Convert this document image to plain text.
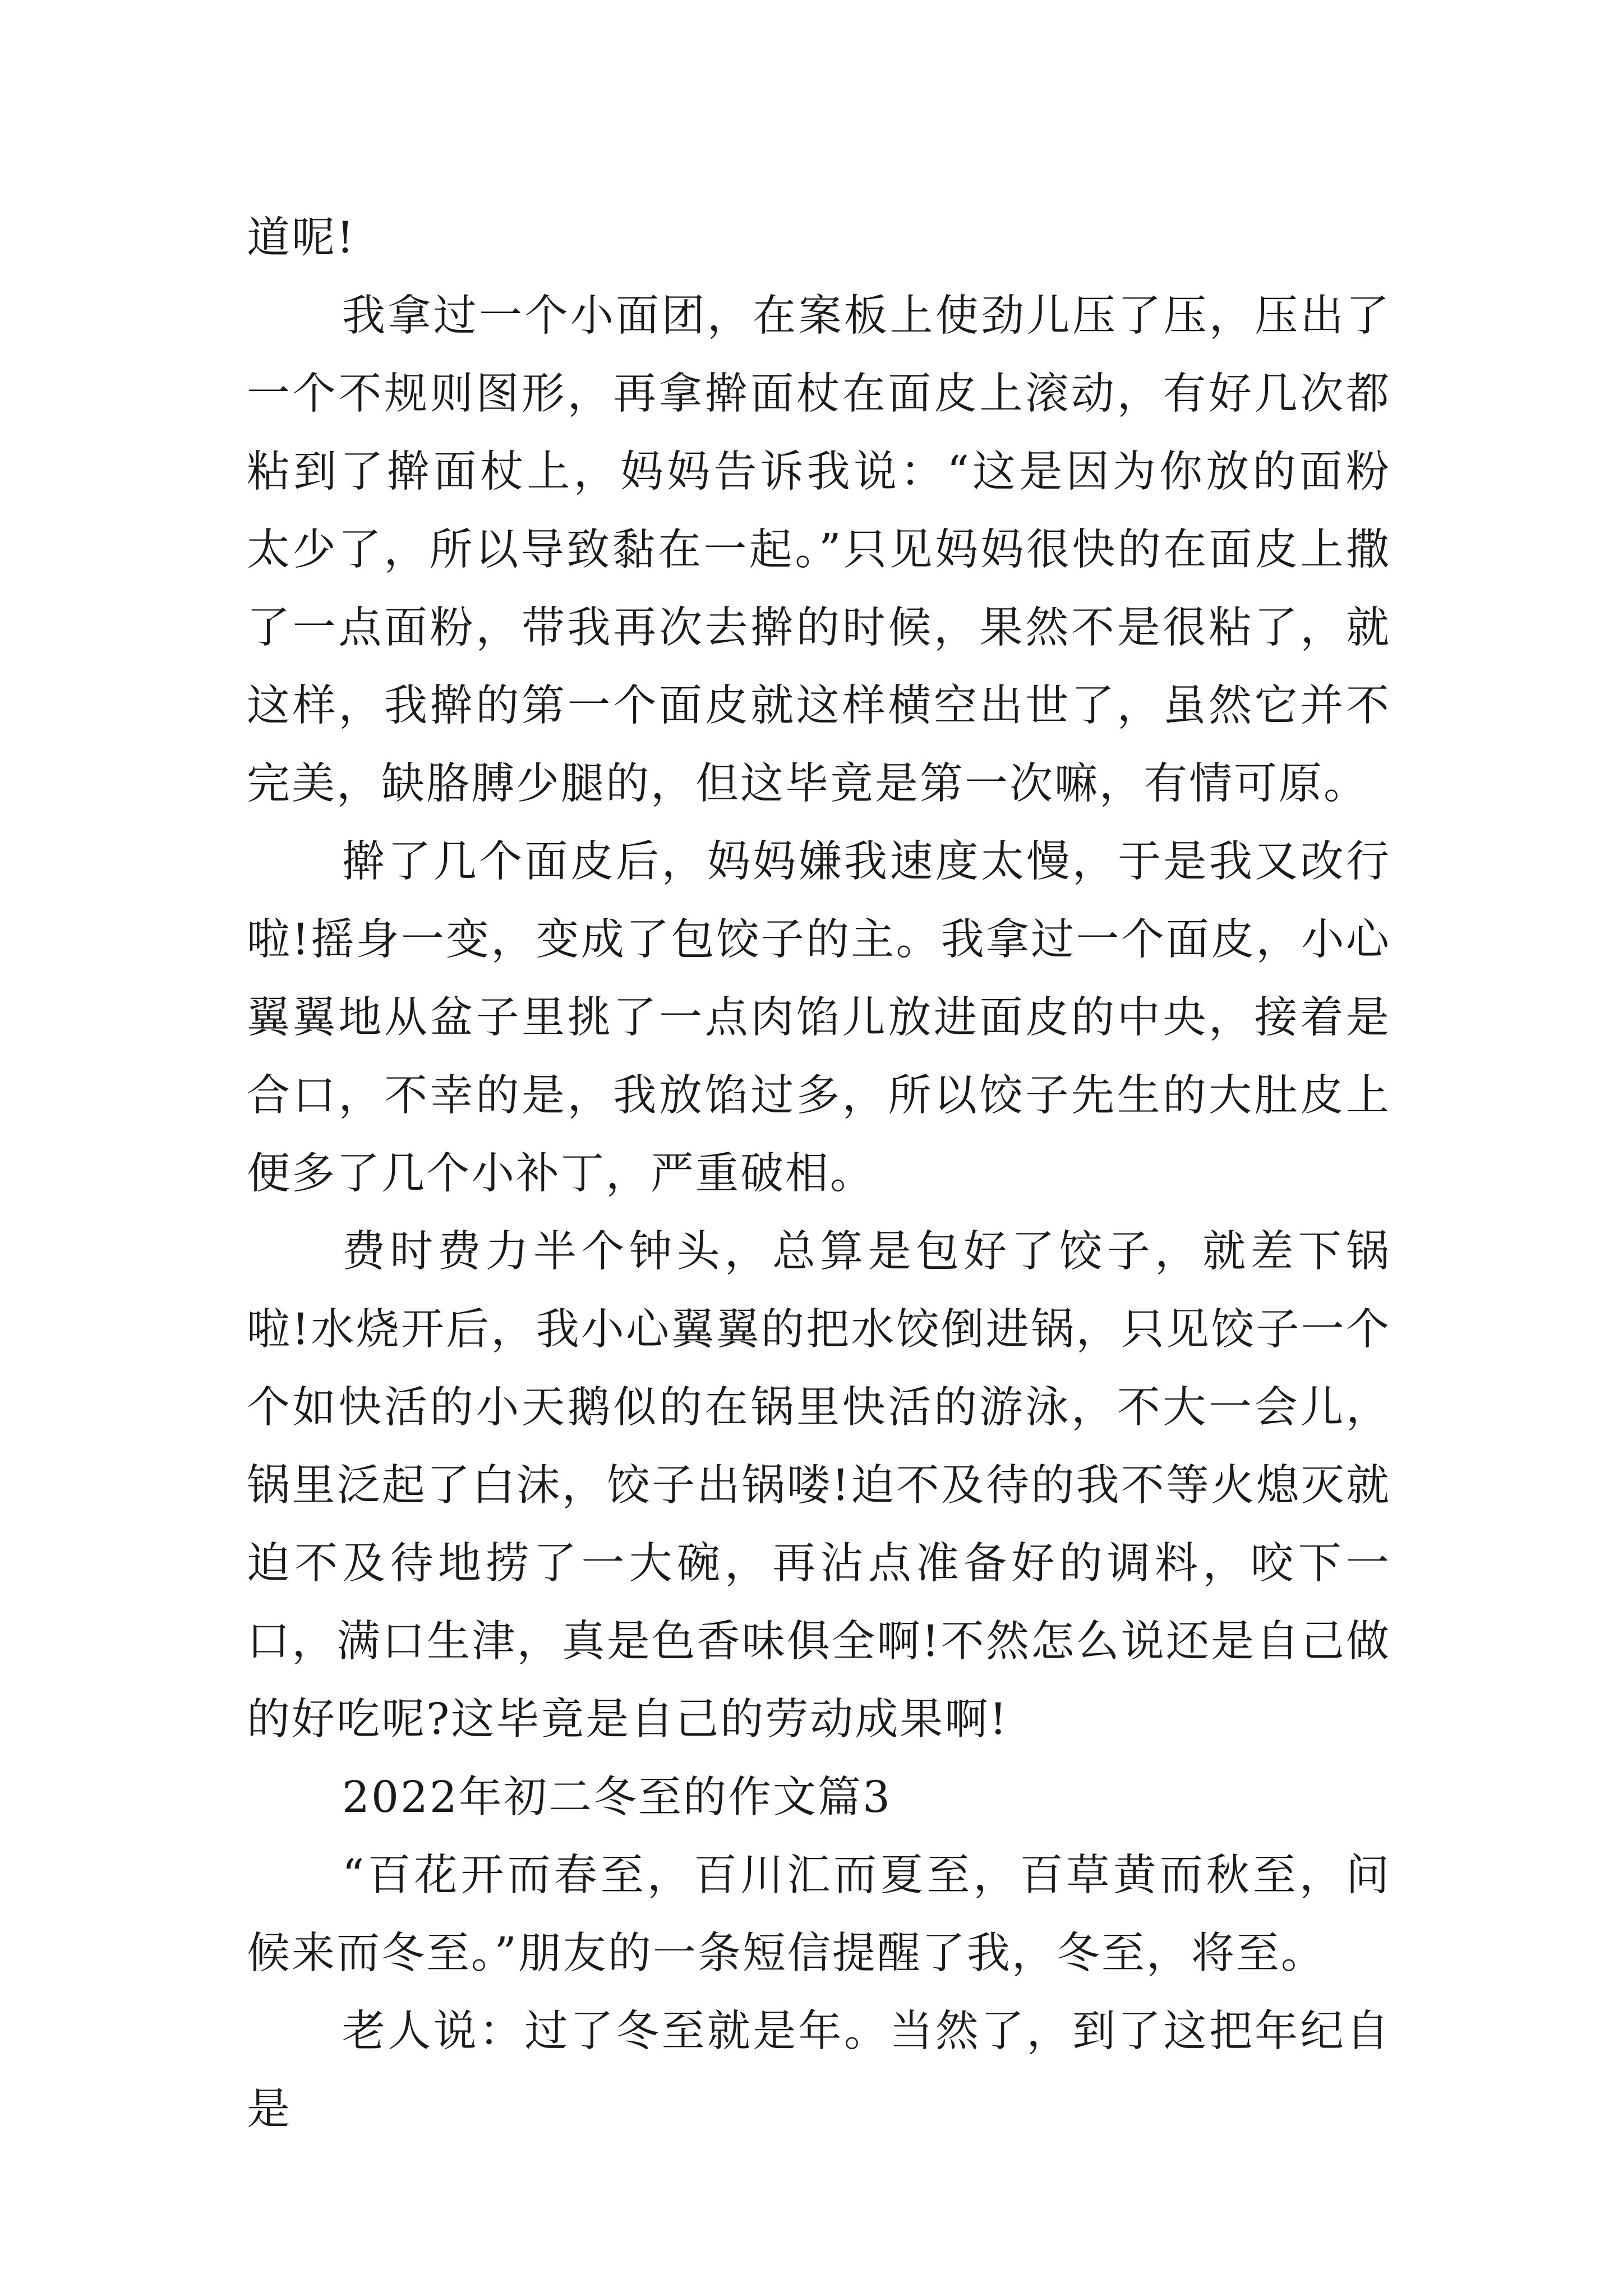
道呢!

我拿过一个小面团，在案板上使劲儿压了压，压出了一个不规则图形，再拿擀面杖在面皮上滚动，有好几次都粘到了擀面杖上，妈妈告诉我说：“这是因为你放的面粉太少了，所以导致黏在一起。”只见妈妈很快的在面皮上撒了一点面粉，带我再次去擀的时候，果然不是很粘了，就这样，我擀的第一个面皮就这样横空出世了，虽然它并不完美，缺胳膊少腿的，但这毕竟是第一次嘛，有情可原。

擀了几个面皮后，妈妈嫌我速度太慢，于是我又改行啦!摇身一变，变成了包饺子的主。我拿过一个面皮，小心翼翼地从盆子里挑了一点肉馅儿放进面皮的中央，接着是合口，不幸的是，我放馅过多，所以饺子先生的大肚皮上便多了几个小补丁，严重破相。

费时费力半个钟头，总算是包好了饺子，就差下锅啦!水烧开后，我小心翼翼的把水饺倒进锅，只见饺子一个个如快活的小天鹅似的在锅里快活的游泳，不大一会儿，锅里泛起了白沫，饺子出锅喽!迫不及待的我不等火熄灭就迫不及待地捞了一大碗，再沾点准备好的调料，咬下一口，满口生津，真是色香味俱全啊!不然怎么说还是自己做的好吃呢?这毕竟是自己的劳动成果啊!

2022年初二冬至的作文篇3

“百花开而春至，百川汇而夏至，百草黄而秋至，问候来而冬至。”朋友的一条短信提醒了我，冬至，将至。

老人说：过了冬至就是年。当然了，到了这把年纪自是
